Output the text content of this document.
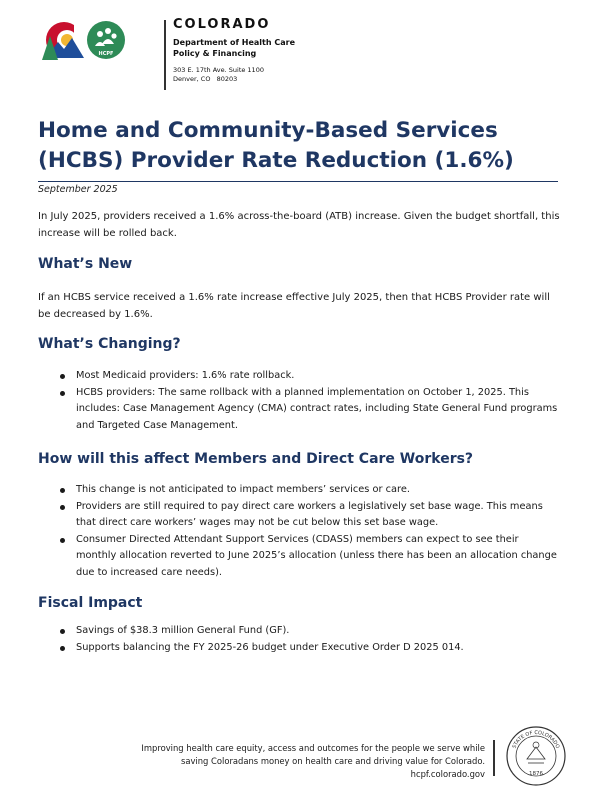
HCPF
COLORADO
Department of Health Care
Policy & Financing
303 E. 17th Ave. Suite 1100
Denver, CO   80203
Home and Community-Based Services
(HCBS) Provider Rate Reduction (1.6%)
September 2025

In July 2025, providers received a 1.6% across-the-board (ATB) increase. Given the budget shortfall, this increase will be rolled back.

What’s New

If an HCBS service received a 1.6% rate increase effective July 2025, then that HCBS Provider rate will be decreased by 1.6%.

What’s Changing?
Most Medicaid providers: 1.6% rate rollback.
HCBS providers: The same rollback with a planned implementation on October 1, 2025. This includes: Case Management Agency (CMA) contract rates, including State General Fund programs and Targeted Case Management.
How will this affect Members and Direct Care Workers?
This change is not anticipated to impact members’ services or care.
Providers are still required to pay direct care workers a legislatively set base wage. This means that direct care workers’ wages may not be cut below this set base wage.
Consumer Directed Attendant Support Services (CDASS) members can expect to see their monthly allocation reverted to June 2025’s allocation (unless there has been an allocation change due to increased care needs).
Fiscal Impact
Savings of $38.3 million General Fund (GF).
Supports balancing the FY 2025-26 budget under Executive Order D 2025 014.
Improving health care equity, access and outcomes for the people we serve while
saving Coloradans money on health care and driving value for Colorado.
hcpf.colorado.gov
STATE OF COLORADO
1876
